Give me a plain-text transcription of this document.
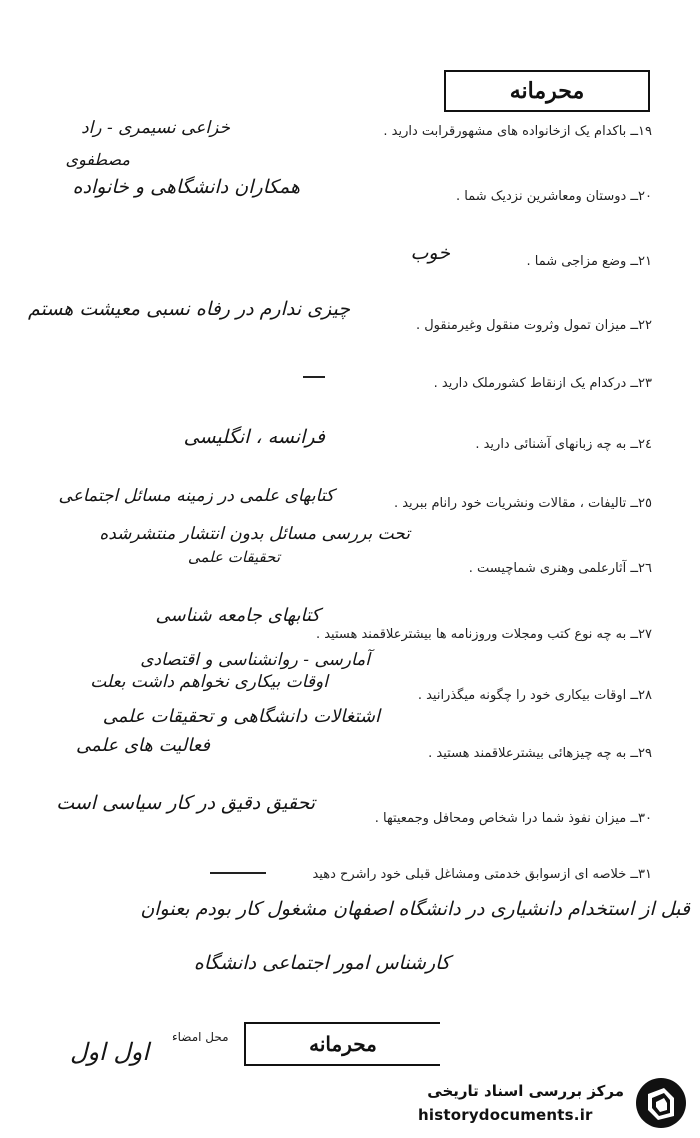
محرمانه
١٩ــ باکدام یک ازخانواده های مشهورقرابت دارید .
خزاعی نسیمری - راد
مصطفوی
٢٠ــ دوستان ومعاشرین نزدیک شما .
همکاران دانشگاهی و خانواده
٢١ــ وضع مزاجی شما .
خوب
٢٢ــ میزان تمول وثروت منقول وغیرمنقول .
چیزی ندارم در رفاه نسبی معیشت هستم
٢٣ــ درکدام یک ازنقاط کشورملک دارید .
٢٤ــ به چه زبانهای آشنائی دارید .
فرانسه ، انگلیسی
٢٥ــ تالیفات ، مقالات ونشریات خود رانام ببرید .
کتابهای علمی در زمینه مسائل اجتماعی
تحت بررسی مسائل بدون انتشار منتشرشده
٢٦ــ آثارعلمی وهنری شماچیست .
تحقیقات علمی
٢٧ــ به چه نوع کتب ومجلات وروزنامه ها بیشترعلاقمند هستید .
کتابهای جامعه شناسی
آمارسی - روانشناسی و اقتصادی
٢٨ــ اوقات بیکاری خود را چگونه میگذرانید .
اوقات بیکاری نخواهم داشت بعلت
اشتغالات دانشگاهی و تحقیقات علمی
٢٩ــ به چه چیزهائی بیشترعلاقمند هستید .
فعالیت های علمی
٣٠ــ میزان نفوذ شما درا شخاص ومحافل وجمعیتها .
تحقیق دقیق در کار سیاسی است
٣١ــ خلاصه ای ازسوابق خدمتی ومشاغل قبلی خود راشرح دهید
قبل از استخدام دانشیاری در دانشگاه اصفهان مشغول کار بودم بعنوان
کارشناس امور اجتماعی دانشگاه
محل امضاء	محرمانه
اول اول
مرکز بررسی اسناد تاریخی
historydocuments.ir
